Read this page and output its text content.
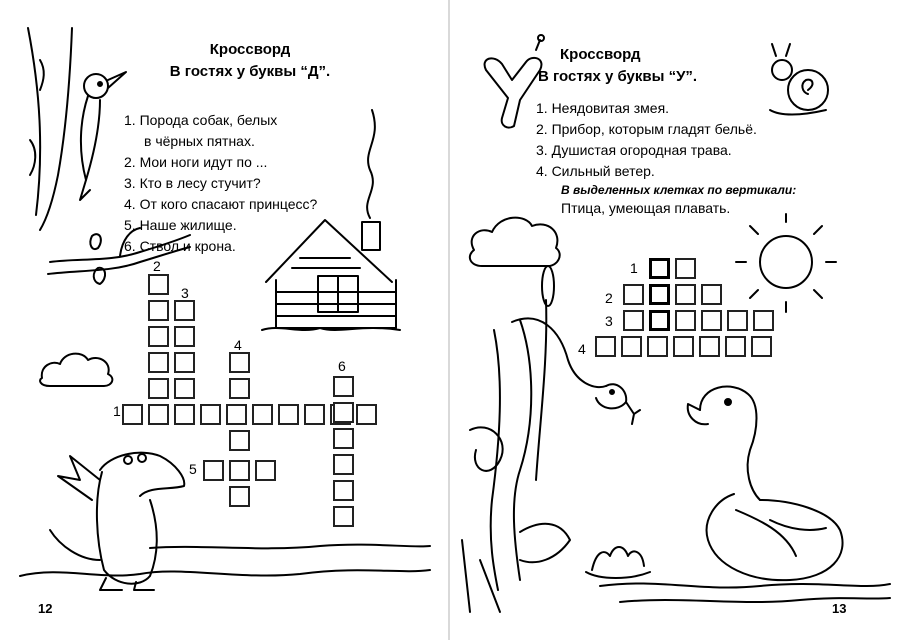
Кроссворд
В гостях у буквы “Д”.
1. Порода собак, белых
в чёрных пятнах.
2. Мои ноги идут по ...
3. Кто в лесу стучит?
4. От кого спасают принцесс?
5. Наше жилище.
6. Ствол и крона.
1
2
3
4
5
6
12
Кроссворд
В гостях у буквы “У”.
1. Неядовитая змея.
2. Прибор, которым гладят бельё.
3. Душистая огородная трава.
4. Сильный ветер.
В выделенных клетках по вертикали:
Птица, умеющая плавать.
1
2
3
4
13
